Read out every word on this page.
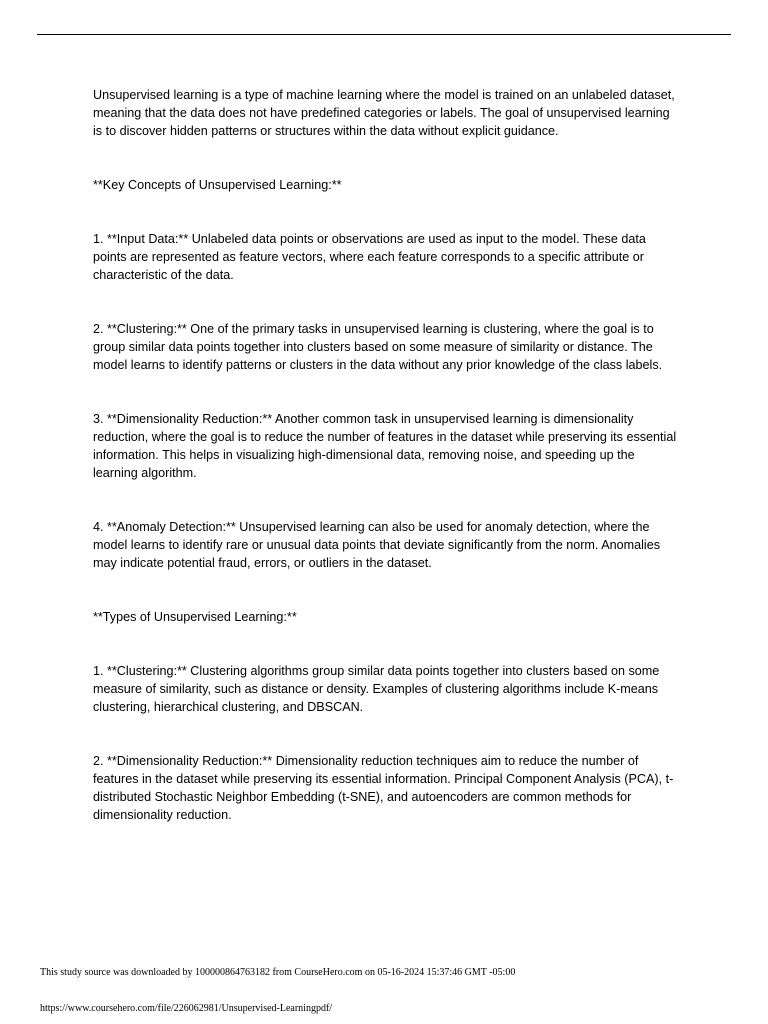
Unsupervised learning is a type of machine learning where the model is trained on an unlabeled dataset, meaning that the data does not have predefined categories or labels. The goal of unsupervised learning is to discover hidden patterns or structures within the data without explicit guidance.

**Key Concepts of Unsupervised Learning:**

1. **Input Data:** Unlabeled data points or observations are used as input to the model. These data points are represented as feature vectors, where each feature corresponds to a specific attribute or characteristic of the data.

2. **Clustering:** One of the primary tasks in unsupervised learning is clustering, where the goal is to group similar data points together into clusters based on some measure of similarity or distance. The model learns to identify patterns or clusters in the data without any prior knowledge of the class labels.

3. **Dimensionality Reduction:** Another common task in unsupervised learning is dimensionality reduction, where the goal is to reduce the number of features in the dataset while preserving its essential information. This helps in visualizing high-dimensional data, removing noise, and speeding up the learning algorithm.

4. **Anomaly Detection:** Unsupervised learning can also be used for anomaly detection, where the model learns to identify rare or unusual data points that deviate significantly from the norm. Anomalies may indicate potential fraud, errors, or outliers in the dataset.

**Types of Unsupervised Learning:**

1. **Clustering:** Clustering algorithms group similar data points together into clusters based on some measure of similarity, such as distance or density. Examples of clustering algorithms include K-means clustering, hierarchical clustering, and DBSCAN.

2. **Dimensionality Reduction:** Dimensionality reduction techniques aim to reduce the number of features in the dataset while preserving its essential information. Principal Component Analysis (PCA), t-distributed Stochastic Neighbor Embedding (t-SNE), and autoencoders are common methods for dimensionality reduction.

This study source was downloaded by 100000864763182 from CourseHero.com on 05-16-2024 15:37:46 GMT -05:00
https://www.coursehero.com/file/226062981/Unsupervised-Learningpdf/
